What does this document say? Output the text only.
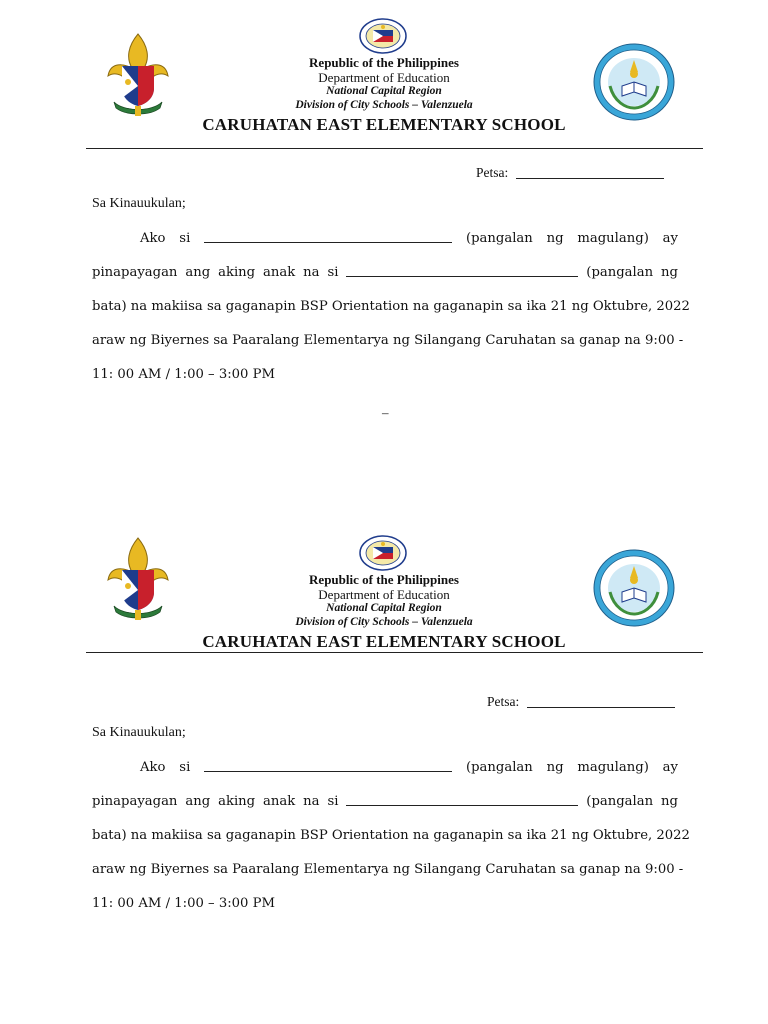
Republic of the Philippines
Department of Education
National Capital Region
Division of City Schools – Valenzuela
CARUHATAN EAST ELEMENTARY SCHOOL
Petsa:
Sa Kinauukulan;
Ako si	(pangalan ng magulang) ay
pinapayagan ang aking anak na si	(pangalan ng
bata) na makiisa sa gaganapin BSP Orientation na gaganapin sa ika 21 ng Oktubre, 2022
araw ng Biyernes sa Paaralang Elementarya ng Silangang Caruhatan sa ganap na 9:00 -
11: 00 AM / 1:00 – 3:00 PM
–
Republic of the Philippines
Department of Education
National Capital Region
Division of City Schools – Valenzuela
CARUHATAN EAST ELEMENTARY SCHOOL
Petsa:
Sa Kinauukulan;
Ako si	(pangalan ng magulang) ay
pinapayagan ang aking anak na si	(pangalan ng
bata) na makiisa sa gaganapin BSP Orientation na gaganapin sa ika 21 ng Oktubre, 2022
araw ng Biyernes sa Paaralang Elementarya ng Silangang Caruhatan sa ganap na 9:00 -
11: 00 AM / 1:00 – 3:00 PM
